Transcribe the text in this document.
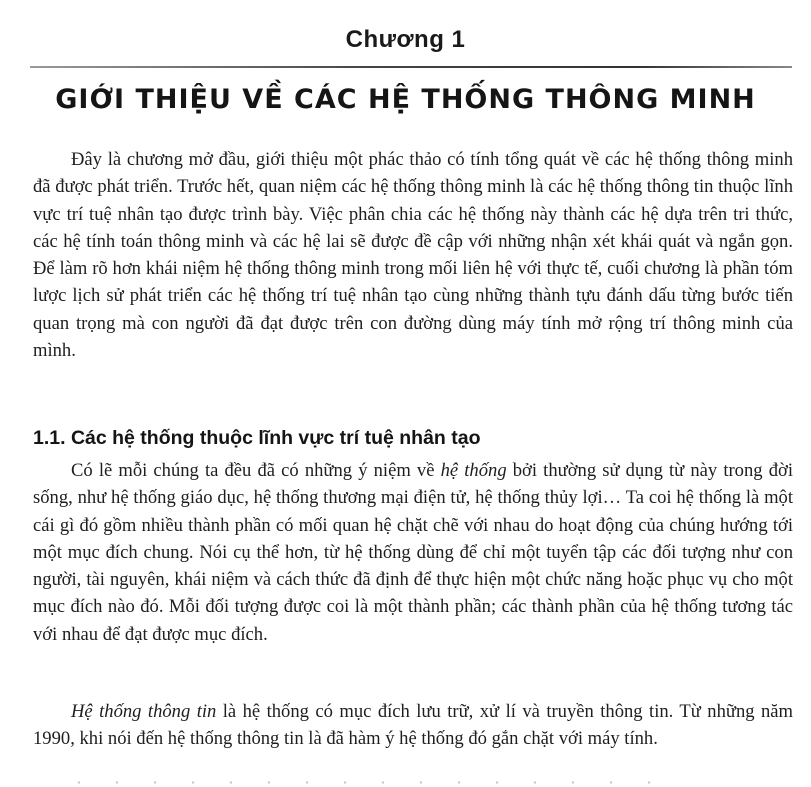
Chương 1
GIỚI THIỆU VỀ CÁC HỆ THỐNG THÔNG MINH

Đây là chương mở đầu, giới thiệu một phác thảo có tính tổng quát về các hệ thống thông minh đã được phát triển. Trước hết, quan niệm các hệ thống thông minh là các hệ thống thông tin thuộc lĩnh vực trí tuệ nhân tạo được trình bày. Việc phân chia các hệ thống này thành các hệ dựa trên tri thức, các hệ tính toán thông minh và các hệ lai sẽ được đề cập với những nhận xét khái quát và ngắn gọn. Để làm rõ hơn khái niệm hệ thống thông minh trong mối liên hệ với thực tế, cuối chương là phần tóm lược lịch sử phát triển các hệ thống trí tuệ nhân tạo cùng những thành tựu đánh dấu từng bước tiến quan trọng mà con người đã đạt được trên con đường dùng máy tính mở rộng trí thông minh của mình.

1.1. Các hệ thống thuộc lĩnh vực trí tuệ nhân tạo

Có lẽ mỗi chúng ta đều đã có những ý niệm về hệ thống bởi thường sử dụng từ này trong đời sống, như hệ thống giáo dục, hệ thống thương mại điện tử, hệ thống thủy lợi… Ta coi hệ thống là một cái gì đó gồm nhiều thành phần có mối quan hệ chặt chẽ với nhau do hoạt động của chúng hướng tới một mục đích chung. Nói cụ thể hơn, từ hệ thống dùng để chỉ một tuyển tập các đối tượng như con người, tài nguyên, khái niệm và cách thức đã định để thực hiện một chức năng hoặc phục vụ cho một mục đích nào đó. Mỗi đối tượng được coi là một thành phần; các thành phần của hệ thống tương tác với nhau để đạt được mục đích.

Hệ thống thông tin là hệ thống có mục đích lưu trữ, xử lí và truyền thông tin. Từ những năm 1990, khi nói đến hệ thống thông tin là đã hàm ý hệ thống đó gắn chặt với máy tính.
